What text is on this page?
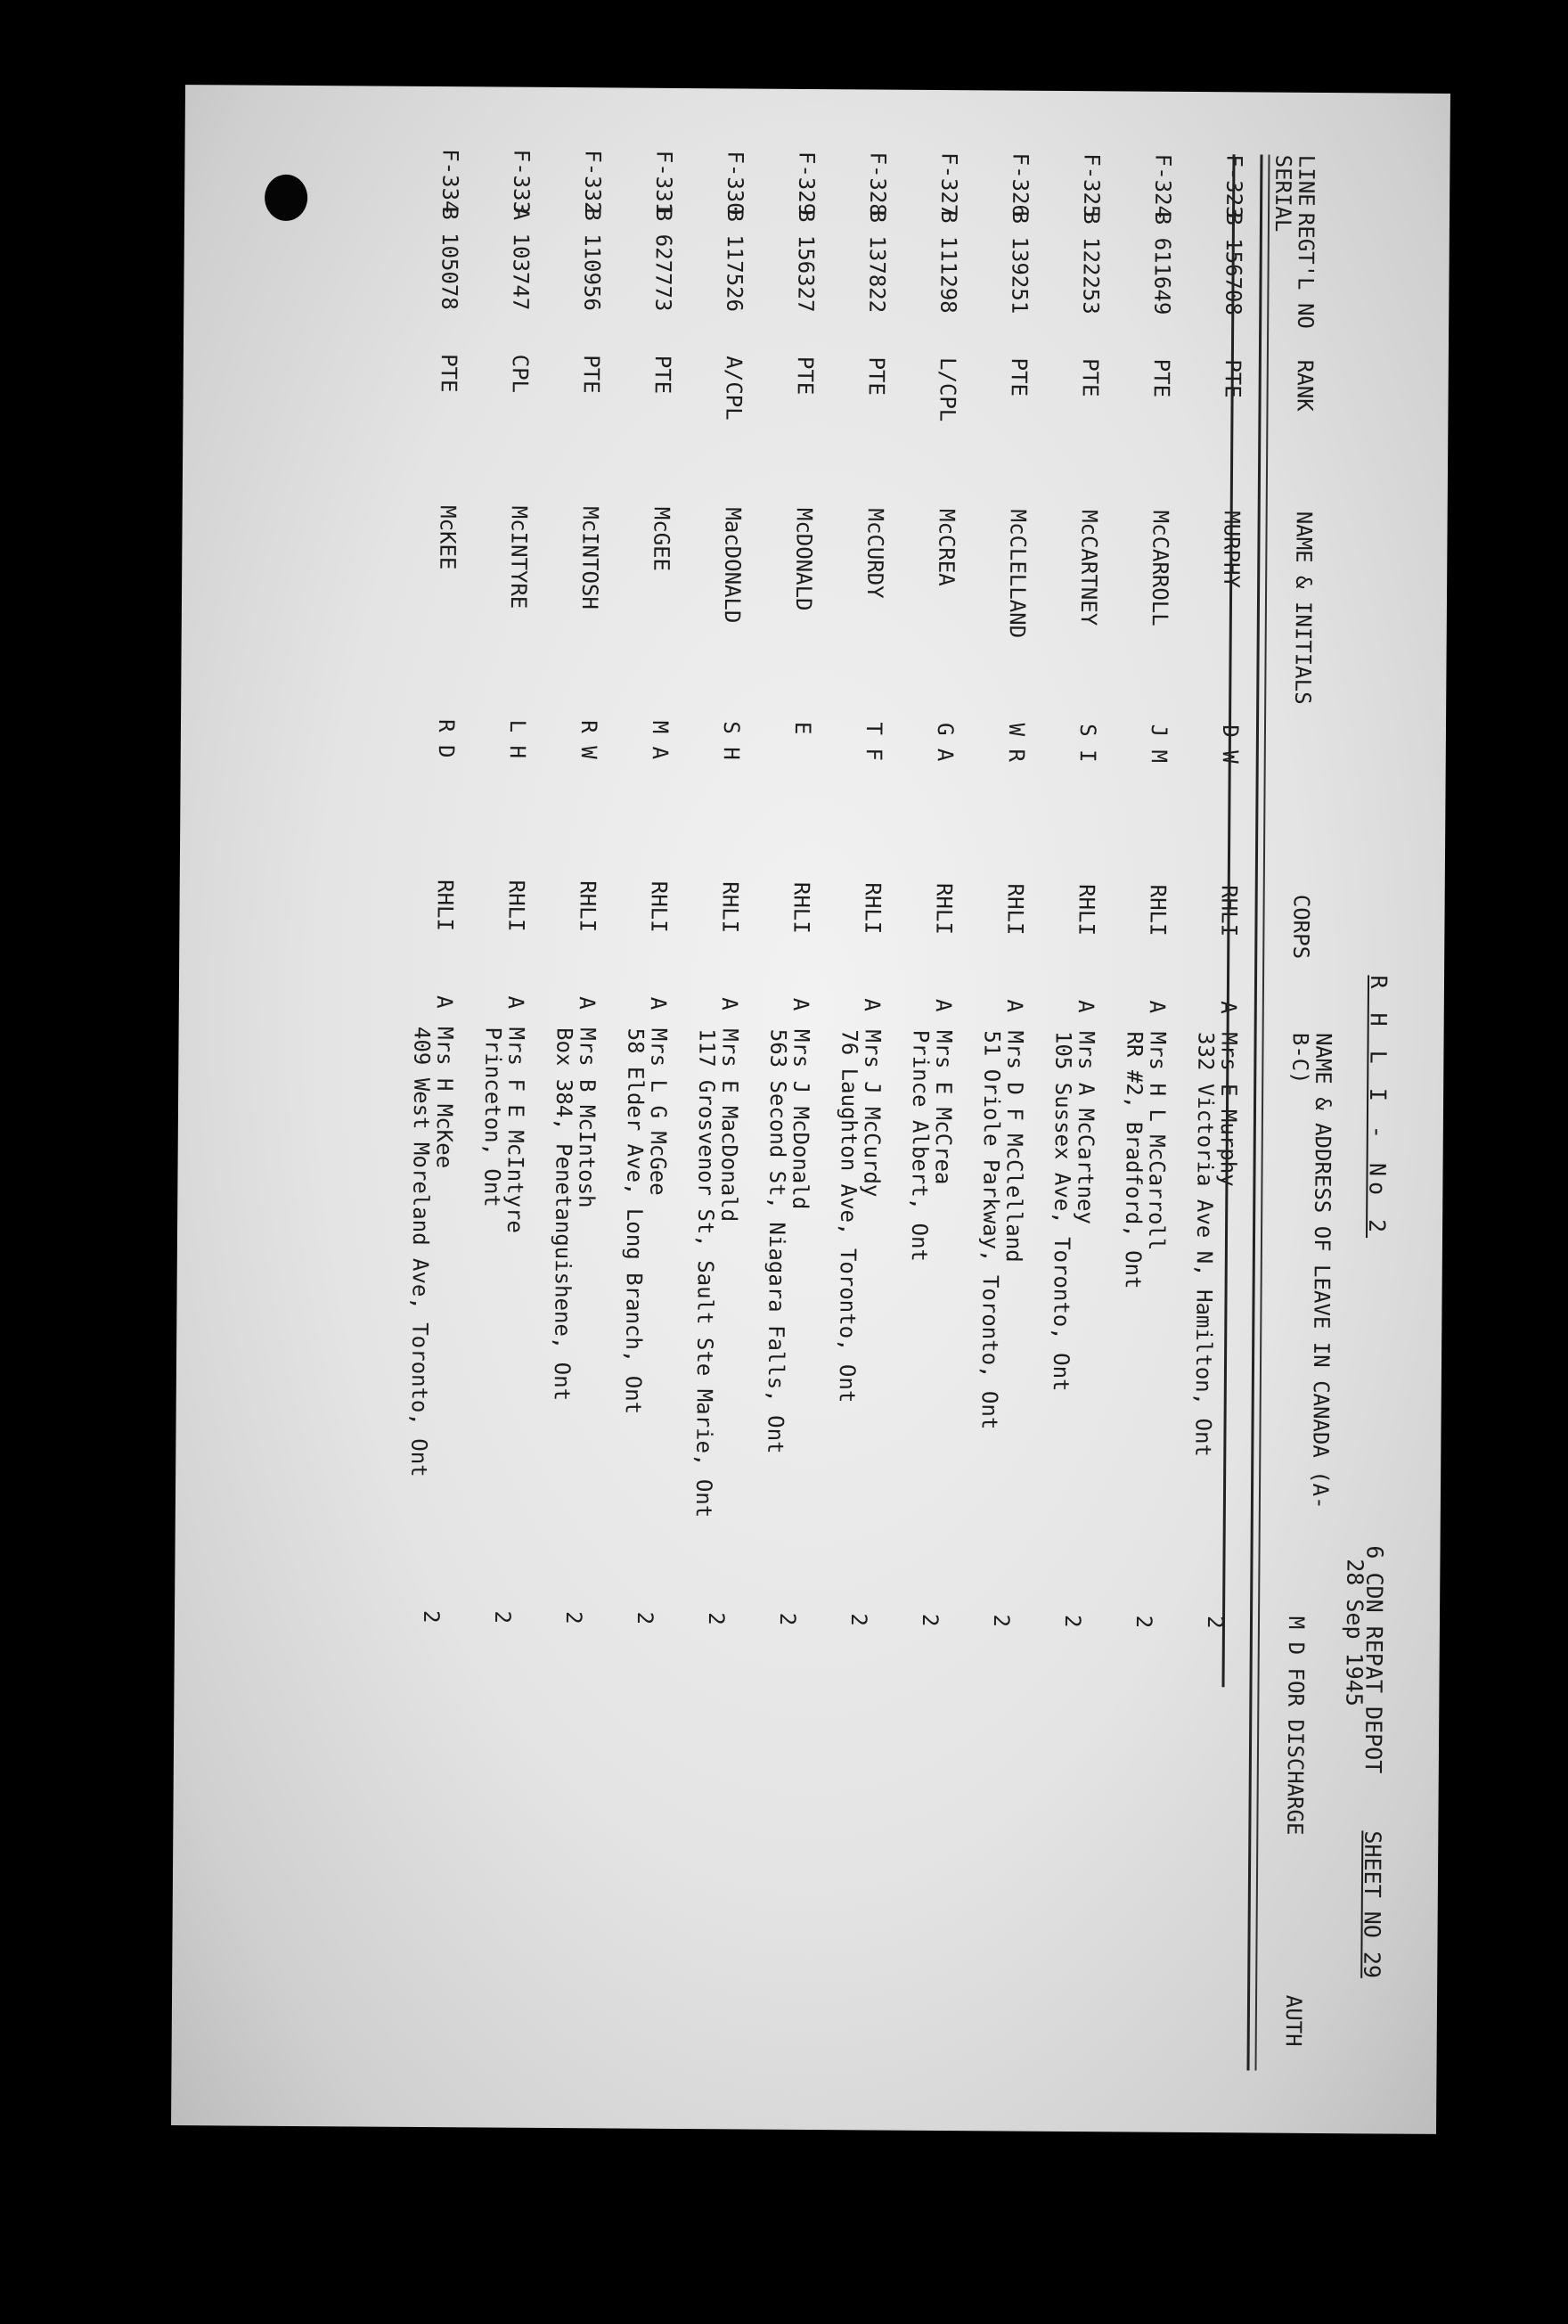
R H L I - No 2
6 CDN REPAT DEPOT
28 Sep 1945
SHEET NO 29
LINE SERIAL
REGT'L NO
RANK
NAME & INITIALS
CORPS
NAME & ADDRESS OF LEAVE IN CANADA (A-B-C)
M D FOR DISCHARGE
AUTH
F-323
B 156708
PTE
MURPHY
D W
RHLI
A
2
Mrs E Murphy
332 Victoria Ave N, Hamilton, Ont
F-324
B 611649
PTE
McCARROLL
J M
RHLI
A
2
Mrs H L McCarroll
RR #2, Bradford, Ont
F-325
B 122253
PTE
McCARTNEY
S I
RHLI
A
2
Mrs A McCartney
105 Sussex Ave, Toronto, Ont
F-326
B 139251
PTE
McCLELLAND
W R
RHLI
A
2
Mrs D F McClelland
51 Oriole Parkway, Toronto, Ont
F-327
B 111298
L/CPL
McCREA
G A
RHLI
A
2
Mrs E McCrea
Prince Albert, Ont
F-328
B 137822
PTE
McCURDY
T F
RHLI
A
2
Mrs J McCurdy
76 Laughton Ave, Toronto, Ont
F-329
B 156327
PTE
McDONALD
E
RHLI
A
2
Mrs J McDonald
563 Second St, Niagara Falls, Ont
F-330
B 117526
A/CPL
MacDONALD
S H
RHLI
A
2
Mrs E MacDonald
117 Grosvenor St, Sault Ste Marie, Ont
F-331
B 627773
PTE
McGEE
M A
RHLI
A
2
Mrs L G McGee
58 Elder Ave, Long Branch, Ont
F-332
B 110956
PTE
McINTOSH
R W
RHLI
A
2
Mrs B McIntosh
Box 384, Penetanguishene, Ont
F-333
A 103747
CPL
McINTYRE
L H
RHLI
A
2
Mrs F E McIntyre
Princeton, Ont
F-334
B 105078
PTE
McKEE
R D
RHLI
A
2
Mrs H McKee
409 West Moreland Ave, Toronto, Ont
